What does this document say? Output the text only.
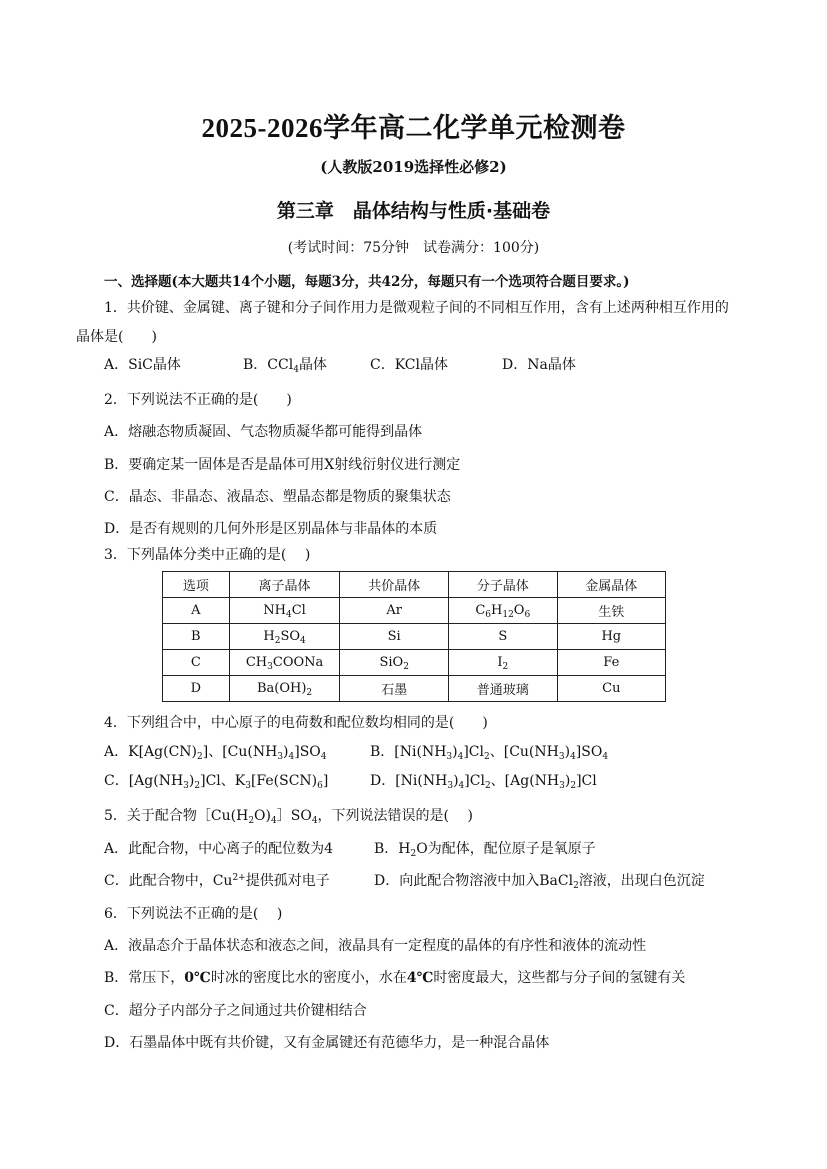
2025-2026学年高二化学单元检测卷
(人教版2019选择性必修2)
第三章　晶体结构与性质·基础卷
(考试时间：75分钟　试卷满分：100分)
一、选择题(本大题共14个小题，每题3分，共42分，每题只有一个选项符合题目要求。)
1．共价键、金属键、离子键和分子间作用力是微观粒子间的不同相互作用，含有上述两种相互作用的
晶体是(　　)
A．SiC晶体	B．CCl$_4$晶体	C．KCl晶体	D．Na晶体
2．下列说法不正确的是(　　)
A．熔融态物质凝固、气态物质凝华都可能得到晶体
B．要确定某一固体是否是晶体可用X射线衍射仪进行测定
C．晶态、非晶态、液晶态、塑晶态都是物质的聚集状态
D．是否有规则的几何外形是区别晶体与非晶体的本质
3．下列晶体分类中正确的是(　 )
选项	离子晶体	共价晶体	分子晶体	金属晶体
A	$NH_4Cl$	Ar	$C_6H_{12}O_6$	生铁
B	$H_2SO_4$	Si	S	Hg
C	$CH_3COONa$	SiO$_2$	$I_2$	Fe
D	$Ba(OH)_2$	石墨	普通玻璃	Cu
4．下列组合中，中心原子的电荷数和配位数均相同的是(　　)
A．$K[Ag(CN)_2]$、$[Cu(NH_3)_4]SO_4$	B．$[Ni(NH_3)_4]Cl_2$、$[Cu(NH_3)_4]SO_4$
C．$[Ag(NH_3)_2]Cl$、$K_3[Fe(SCN)_6]$	D．$[Ni(NH_3)_4]Cl_2$、$[Ag(NH_3)_2]Cl$
5．关于配合物$[Cu(H_2O)_4]SO_4$，下列说法错误的是(　 )
A．此配合物，中心离子的配位数为4	B．$H_2O$为配体，配位原子是氧原子
C．此配合物中，$Cu^{2+}$提供孤对电子	D．向此配合物溶液中加入BaCl$_2$溶液，出现白色沉淀
6．下列说法不正确的是(　 )
A．液晶态介于晶体状态和液态之间，液晶具有一定程度的晶体的有序性和液体的流动性
B．常压下，0℃时冰的密度比水的密度小，水在4℃时密度最大，这些都与分子间的氢键有关
C．超分子内部分子之间通过共价键相结合
D．石墨晶体中既有共价键，又有金属键还有范德华力，是一种混合晶体
